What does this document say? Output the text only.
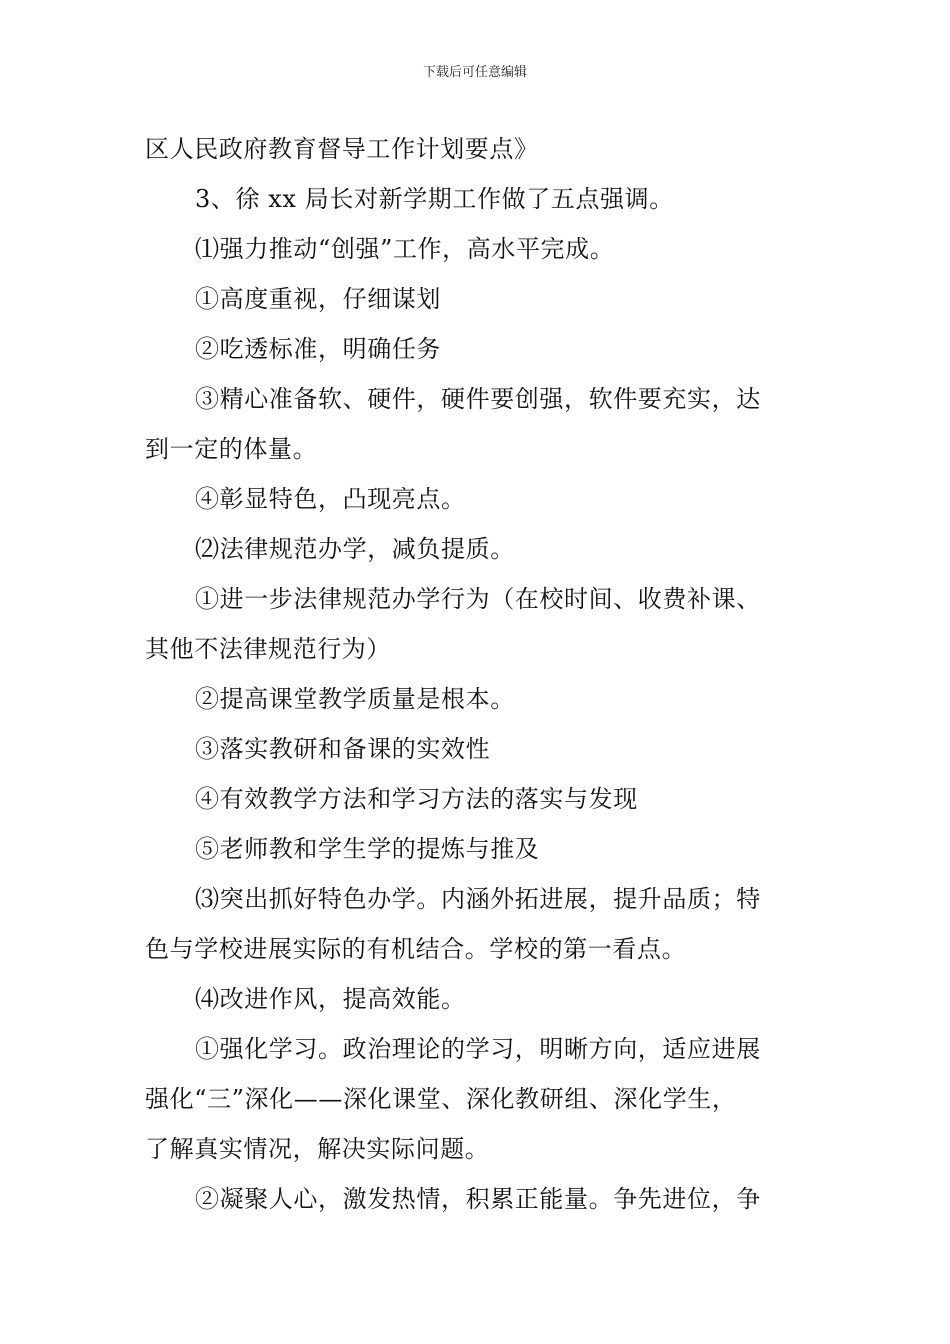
下载后可任意编辑

区人民政府教育督导工作计划要点》

3、徐 xx 局长对新学期工作做了五点强调。

⑴强力推动“创强”工作，高水平完成。

①高度重视，仔细谋划

②吃透标准，明确任务

③精心准备软、硬件，硬件要创强，软件要充实，达

到一定的体量。

④彰显特色，凸现亮点。

⑵法律规范办学，减负提质。

①进一步法律规范办学行为（在校时间、收费补课、

其他不法律规范行为）

②提高课堂教学质量是根本。

③落实教研和备课的实效性

④有效教学方法和学习方法的落实与发现

⑤老师教和学生学的提炼与推及

⑶突出抓好特色办学。内涵外拓进展，提升品质；特

色与学校进展实际的有机结合。学校的第一看点。

⑷改进作风，提高效能。

①强化学习。政治理论的学习，明晰方向，适应进展

强化“三”深化——深化课堂、深化教研组、深化学生，

了解真实情况，解决实际问题。

②凝聚人心，激发热情，积累正能量。争先进位，争
